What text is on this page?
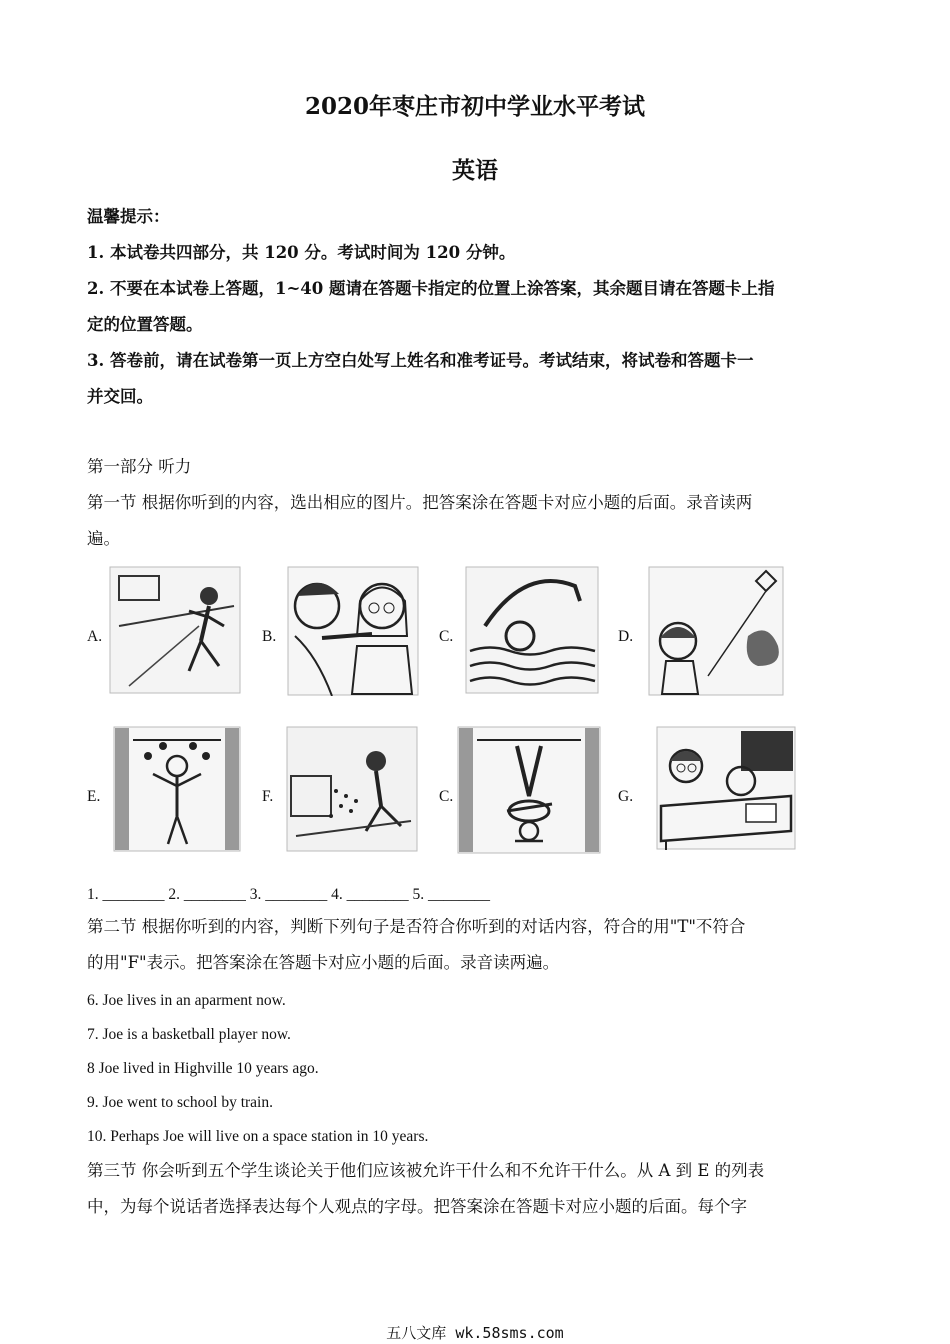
2020年枣庄市初中学业水平考试
英语
温馨提示：
1. 本试卷共四部分，共 120 分。考试时间为 120 分钟。
2. 不要在本试卷上答题，1~40 题请在答题卡指定的位置上涂答案，其余题目请在答题卡上指
定的位置答题。
3. 答卷前，请在试卷第一页上方空白处写上姓名和准考证号。考试结束，将试卷和答题卡一
并交回。
第一部分 听力
第一节 根据你听到的内容，选出相应的图片。把答案涂在答题卡对应小题的后面。录音读两
遍。
A.	B.	C.	D.
E.	F.	C.	G.
1. ________ 2. ________ 3. ________ 4. ________ 5. ________
第二节 根据你听到的内容，判断下列句子是否符合你听到的对话内容，符合的用"T"不符合
的用"F"表示。把答案涂在答题卡对应小题的后面。录音读两遍。
6. Joe lives in an aparment now.
7. Joe is a basketball player now.
8 Joe lived in Highville 10 years ago.
9. Joe went to school by train.
10. Perhaps Joe will live on a space station in 10 years.
第三节 你会听到五个学生谈论关于他们应该被允许干什么和不允许干什么。从 A 到 E 的列表
中，为每个说话者选择表达每个人观点的字母。把答案涂在答题卡对应小题的后面。每个字
五八文库 wk.58sms.com
